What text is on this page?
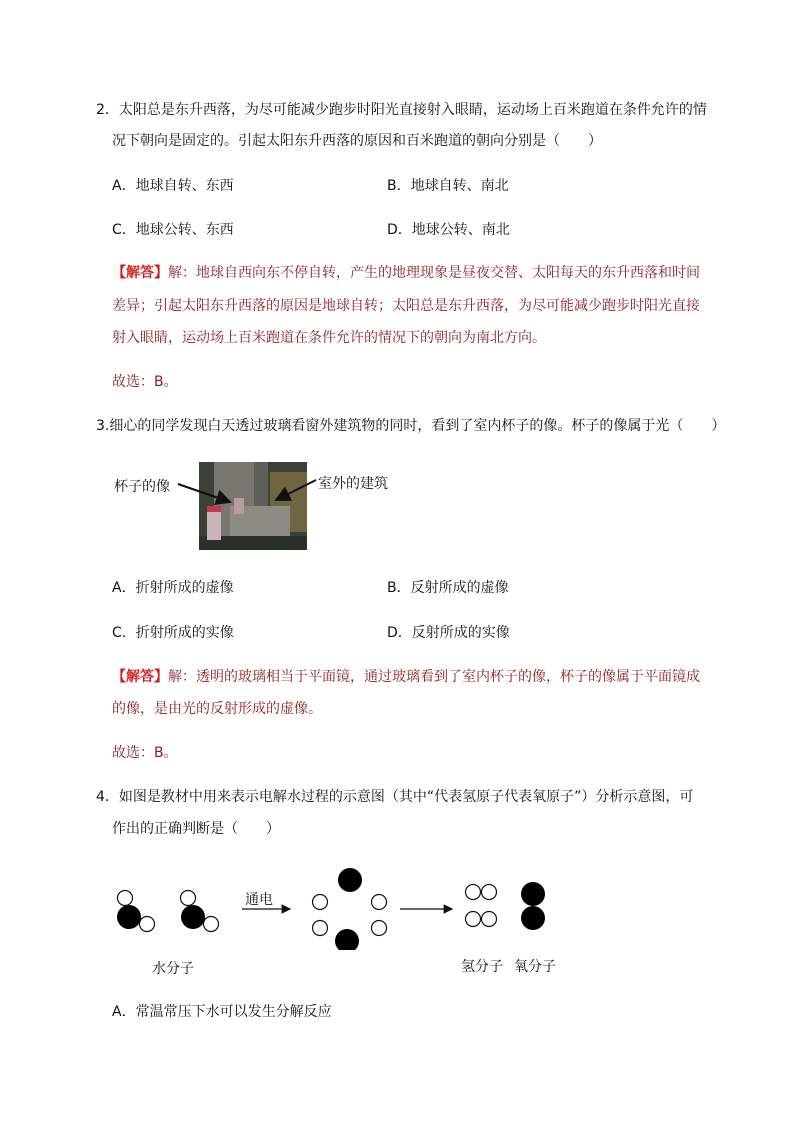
2．太阳总是东升西落，为尽可能减少跑步时阳光直接射入眼睛，运动场上百米跑道在条件允许的情
况下朝向是固定的。引起太阳东升西落的原因和百米跑道的朝向分别是（　　）
A．地球自转、东西	B．地球自转、南北
C．地球公转、东西	D．地球公转、南北
【解答】解：地球自西向东不停自转，产生的地理现象是昼夜交替、太阳每天的东升西落和时间
差异；引起太阳东升西落的原因是地球自转；太阳总是东升西落，为尽可能减少跑步时阳光直接
射入眼睛，运动场上百米跑道在条件允许的情况下的朝向为南北方向。
故选：B。
3.细心的同学发现白天透过玻璃看窗外建筑物的同时，看到了室内杯子的像。杯子的像属于光（　　）
杯子的像	室外的建筑
A．折射所成的虚像	B．反射所成的虚像
C．折射所成的实像	D．反射所成的实像
【解答】解：透明的玻璃相当于平面镜，通过玻璃看到了室内杯子的像，杯子的像属于平面镜成
的像，是由光的反射形成的虚像。
故选：B。
4．如图是教材中用来表示电解水过程的示意图（其中“代表氢原子代表氧原子”）分析示意图，可
作出的正确判断是（　　）
通电
水分子	氢分子 氧分子
A．常温常压下水可以发生分解反应
